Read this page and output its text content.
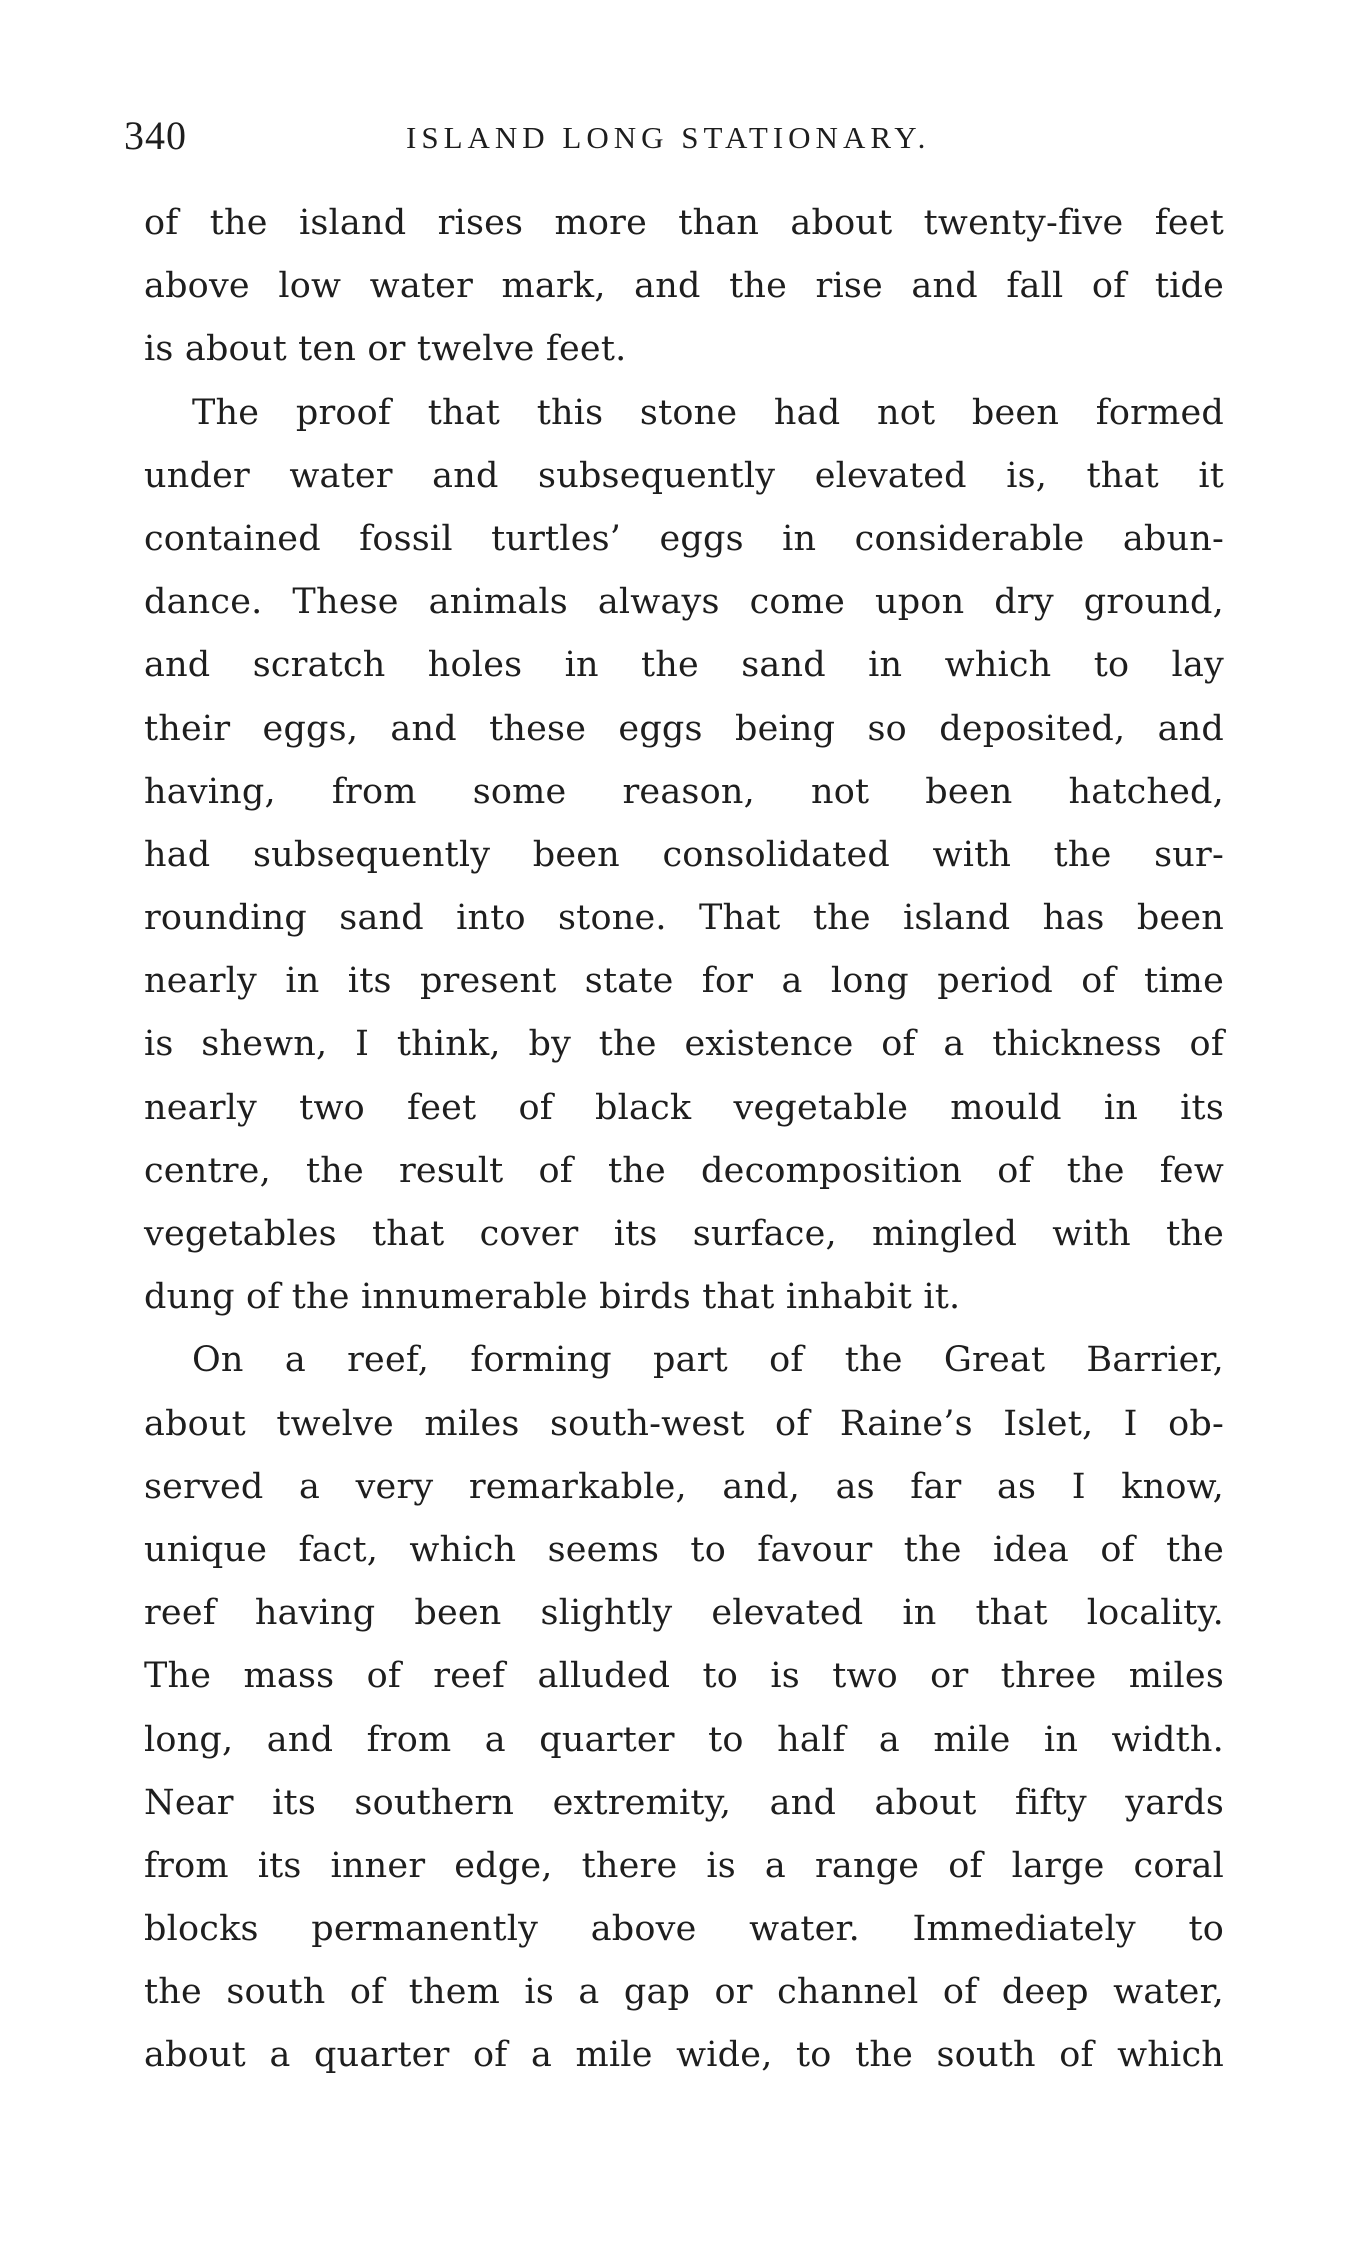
340	ISLAND LONG STATIONARY.
of the island rises more than about twenty-five feet
above low water mark, and the rise and fall of tide
is about ten or twelve feet.
The proof that this stone had not been formed
under water and subsequently elevated is, that it
contained fossil turtles’ eggs in considerable abun-
dance. These animals always come upon dry ground,
and scratch holes in the sand in which to lay
their eggs, and these eggs being so deposited, and
having, from some reason, not been hatched,
had subsequently been consolidated with the sur-
rounding sand into stone. That the island has been
nearly in its present state for a long period of time
is shewn, I think, by the existence of a thickness of
nearly two feet of black vegetable mould in its
centre, the result of the decomposition of the few
vegetables that cover its surface, mingled with the
dung of the innumerable birds that inhabit it.
On a reef, forming part of the Great Barrier,
about twelve miles south-west of Raine’s Islet, I ob-
served a very remarkable, and, as far as I know,
unique fact, which seems to favour the idea of the
reef having been slightly elevated in that locality.
The mass of reef alluded to is two or three miles
long, and from a quarter to half a mile in width.
Near its southern extremity, and about fifty yards
from its inner edge, there is a range of large coral
blocks permanently above water. Immediately to
the south of them is a gap or channel of deep water,
about a quarter of a mile wide, to the south of which
